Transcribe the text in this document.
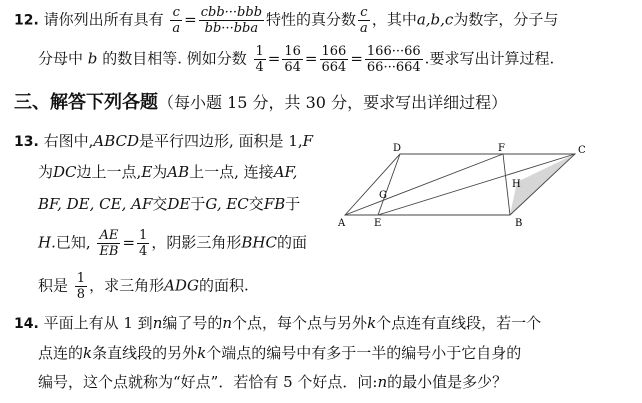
12. 请你列出所有具有 $\frac{c}{a} = \frac{\text{cbb···bbb}}{\text{bb···bba}}$ 特性的真分数 $\frac{c}{a}$ ，其中a,b,c为数字，分子与
分母中 b 的数目相等. 例如分数 $\frac{1}{4} = \frac{16}{64} = \frac{166}{664} = \frac{166\cdot\cdot\cdot 66}{66\cdot\cdot\cdot 664}$ .要求写出计算过程.
三、解答下列各题（每小题 15 分，共 30 分，要求写出详细过程）
13. 右图中,ABCD是平行四边形, 面积是 1,F
为DC边上一点,E为AB上一点, 连接AF,
BF, DE, CE, AF交DE于G, EC交FB于
H.已知, $\frac{AE}{EB} = \frac{1}{4}$ ，阴影三角形BHC的面
积是 $\frac{1}{8}$ ，求三角形ADG的面积.
A	B
C
D
E
F
G
H
14. 平面上有从 1 到n编了号的n个点，每个点与另外k个点连有直线段，若一个
点连的k条直线段的另外k个端点的编号中有多于一半的编号小于它自身的
编号，这个点就称为“好点”．若恰有 5 个好点．问:n的最小值是多少？
